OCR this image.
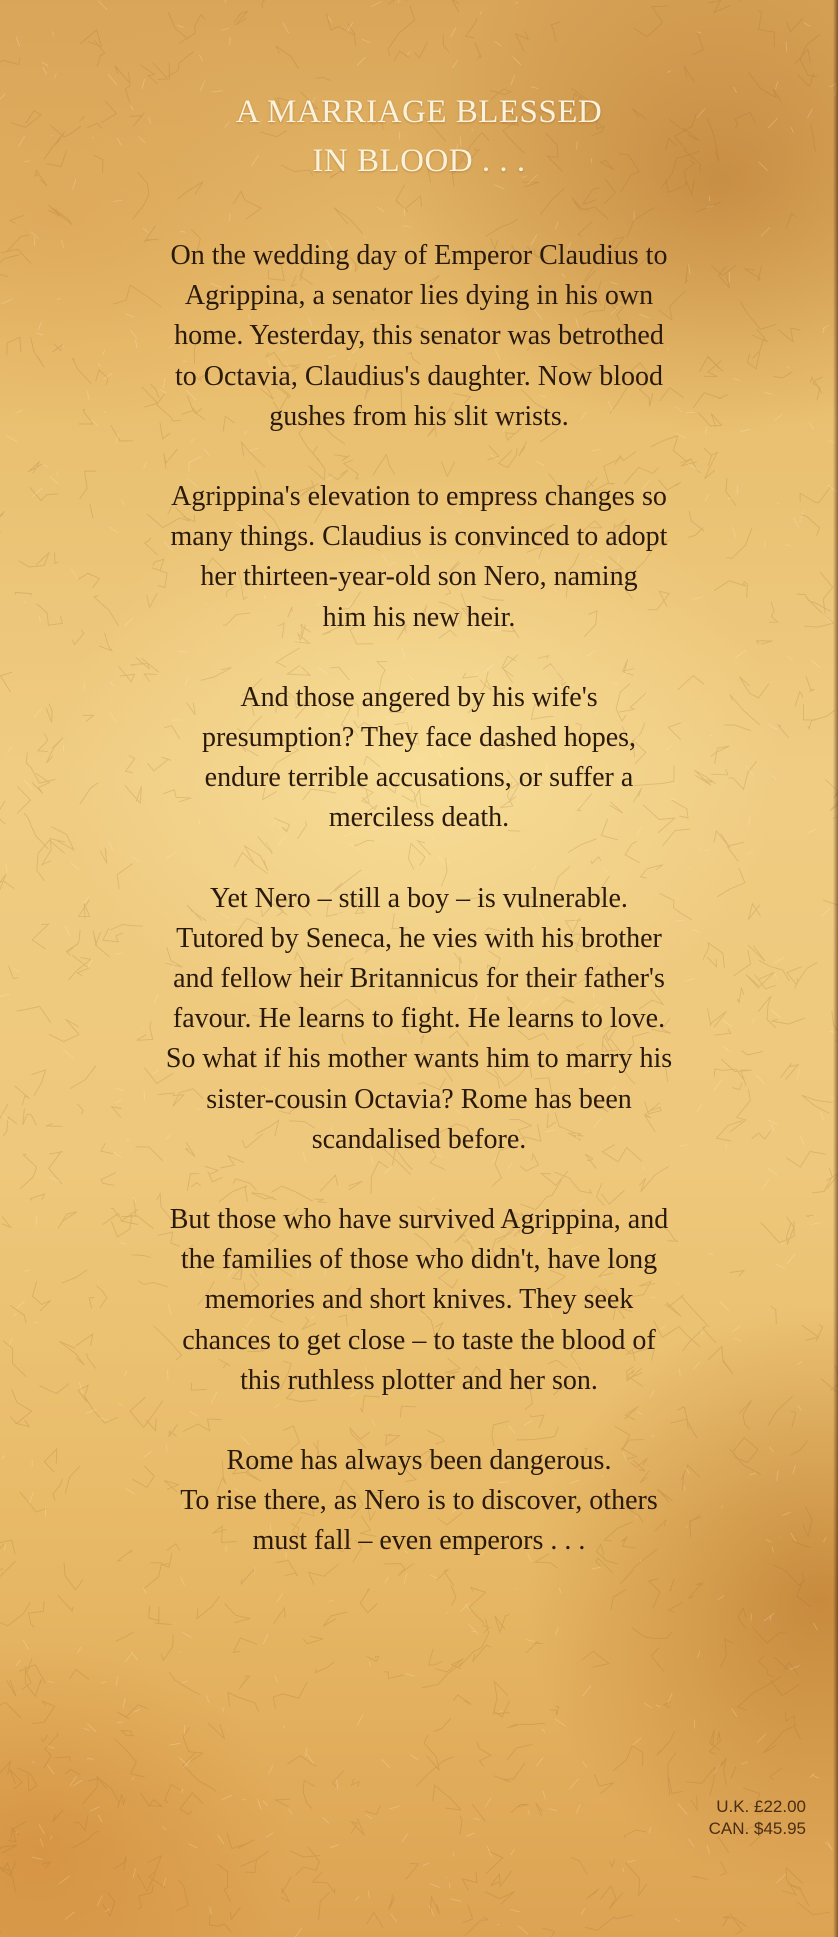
A MARRIAGE BLESSED
IN BLOOD . . .

On the wedding day of Emperor Claudius to
Agrippina, a senator lies dying in his own
home. Yesterday, this senator was betrothed
to Octavia, Claudius's daughter. Now blood
gushes from his slit wrists.

Agrippina's elevation to empress changes so
many things. Claudius is convinced to adopt
her thirteen-year-old son Nero, naming
him his new heir.

And those angered by his wife's
presumption? They face dashed hopes,
endure terrible accusations, or suffer a
merciless death.

Yet Nero – still a boy – is vulnerable.
Tutored by Seneca, he vies with his brother
and fellow heir Britannicus for their father's
favour. He learns to fight. He learns to love.
So what if his mother wants him to marry his
sister-cousin Octavia? Rome has been
scandalised before.

But those who have survived Agrippina, and
the families of those who didn't, have long
memories and short knives. They seek
chances to get close – to taste the blood of
this ruthless plotter and her son.

Rome has always been dangerous.
To rise there, as Nero is to discover, others
must fall – even emperors . . .

U.K. £22.00
CAN. $45.95
